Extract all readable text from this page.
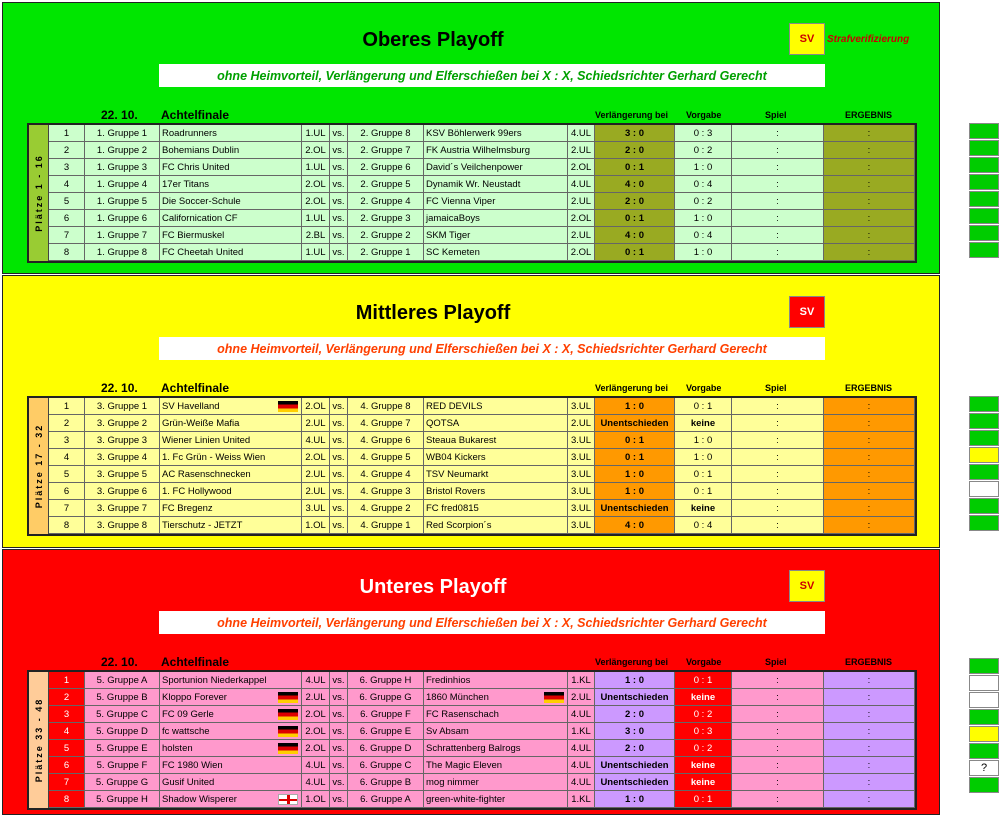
Oberes Playoff	SV	Strafverifizierung
ohne Heimvorteil, Verlängerung und Elferschießen bei X : X, Schiedsrichter Gerhard Gerecht
22. 10. Achtelfinale	Verlängerung bei Vorgabe	Spiel	ERGEBNIS
Plätze 1 - 16
1	1. Gruppe 1	Roadrunners	1.UL vs.	2. Gruppe 8	KSV Böhlerwerk 99ers	4.UL	3 : 0	0 : 3	:	:
2	1. Gruppe 2	Bohemians Dublin	2.OL vs.	2. Gruppe 7	FK Austria Wilhelmsburg	2.UL	2 : 0	0 : 2	:	:
3	1. Gruppe 3	FC Chris United	1.UL vs.	2. Gruppe 6	David´s Veilchenpower	2.OL	0 : 1	1 : 0	:	:
4	1. Gruppe 4	17er Titans	2.OL vs.	2. Gruppe 5	Dynamik Wr. Neustadt	4.UL	4 : 0	0 : 4	:	:
5	1. Gruppe 5	Die Soccer-Schule	2.OL vs.	2. Gruppe 4	FC Vienna Viper	2.UL	2 : 0	0 : 2	:	:
6	1. Gruppe 6	Californication CF	1.UL vs.	2. Gruppe 3	jamaicaBoys	2.OL	0 : 1	1 : 0	:	:
7	1. Gruppe 7	FC Biermuskel	2.BL vs.	2. Gruppe 2	SKM Tiger	2.UL	4 : 0	0 : 4	:	:
8	1. Gruppe 8	FC Cheetah United	1.UL vs.	2. Gruppe 1	SC Kemeten	2.OL	0 : 1	1 : 0	:	:
Mittleres Playoff	SV
ohne Heimvorteil, Verlängerung und Elferschießen bei X : X, Schiedsrichter Gerhard Gerecht
22. 10. Achtelfinale	Verlängerung bei Vorgabe	Spiel	ERGEBNIS
Plätze 17 - 32
1	3. Gruppe 1	SV Havelland	2.OL vs.	4. Gruppe 8	RED DEVILS	3.UL	1 : 0	0 : 1	:	:
2	3. Gruppe 2	Grün-Weiße Mafia	2.UL vs.	4. Gruppe 7	QOTSA	2.UL Unentschieden	keine	:	:
3	3. Gruppe 3	Wiener Linien United	4.UL vs.	4. Gruppe 6	Steaua Bukarest	3.UL	0 : 1	1 : 0	:	:
4	3. Gruppe 4	1. Fc Grün - Weiss Wien	2.OL vs.	4. Gruppe 5	WB04 Kickers	3.UL	0 : 1	1 : 0	:	:
5	3. Gruppe 5	AC Rasenschnecken	2.UL vs.	4. Gruppe 4	TSV Neumarkt	3.UL	1 : 0	0 : 1	:	:
6	3. Gruppe 6	1. FC Hollywood	2.UL vs.	4. Gruppe 3	Bristol Rovers	3.UL	1 : 0	0 : 1	:	:
7	3. Gruppe 7	FC Bregenz	3.UL vs.	4. Gruppe 2	FC fred0815	3.UL Unentschieden	keine	:	:
8	3. Gruppe 8	Tierschutz - JETZT	1.OL vs.	4. Gruppe 1	Red Scorpion´s	3.UL	4 : 0	0 : 4	:	:
Unteres Playoff	SV
ohne Heimvorteil, Verlängerung und Elferschießen bei X : X, Schiedsrichter Gerhard Gerecht
22. 10. Achtelfinale	Verlängerung bei Vorgabe	Spiel	ERGEBNIS
Plätze 33 - 48
1	5. Gruppe A	Sportunion Niederkappel	4.UL vs.	6. Gruppe H	Fredinhios	1.KL	1 : 0	0 : 1	:	:
2	5. Gruppe B	Kloppo Forever	2.UL vs.	6. Gruppe G	1860 München	2.UL Unentschieden	keine	:	:
3	5. Gruppe C	FC 09 Gerle	2.OL vs.	6. Gruppe F	FC Rasenschach	4.UL	2 : 0	0 : 2	:	:
4	5. Gruppe D	fc wattsche	2.OL vs.	6. Gruppe E	Sv Absam	1.KL	3 : 0	0 : 3	:	:
5	5. Gruppe E	holsten	2.OL vs.	6. Gruppe D	Schrattenberg Balrogs	4.UL	2 : 0	0 : 2	:	:
6	5. Gruppe F	FC 1980 Wien	4.UL vs.	6. Gruppe C	The Magic Eleven	4.UL Unentschieden	keine	:	:
7	5. Gruppe G	Gusif United	4.UL vs.	6. Gruppe B	mog nimmer	4.UL Unentschieden	keine	:	:
8	5. Gruppe H	Shadow Wisperer	1.OL vs.	6. Gruppe A	green-white-fighter	1.KL	1 : 0	0 : 1	:	:
?
